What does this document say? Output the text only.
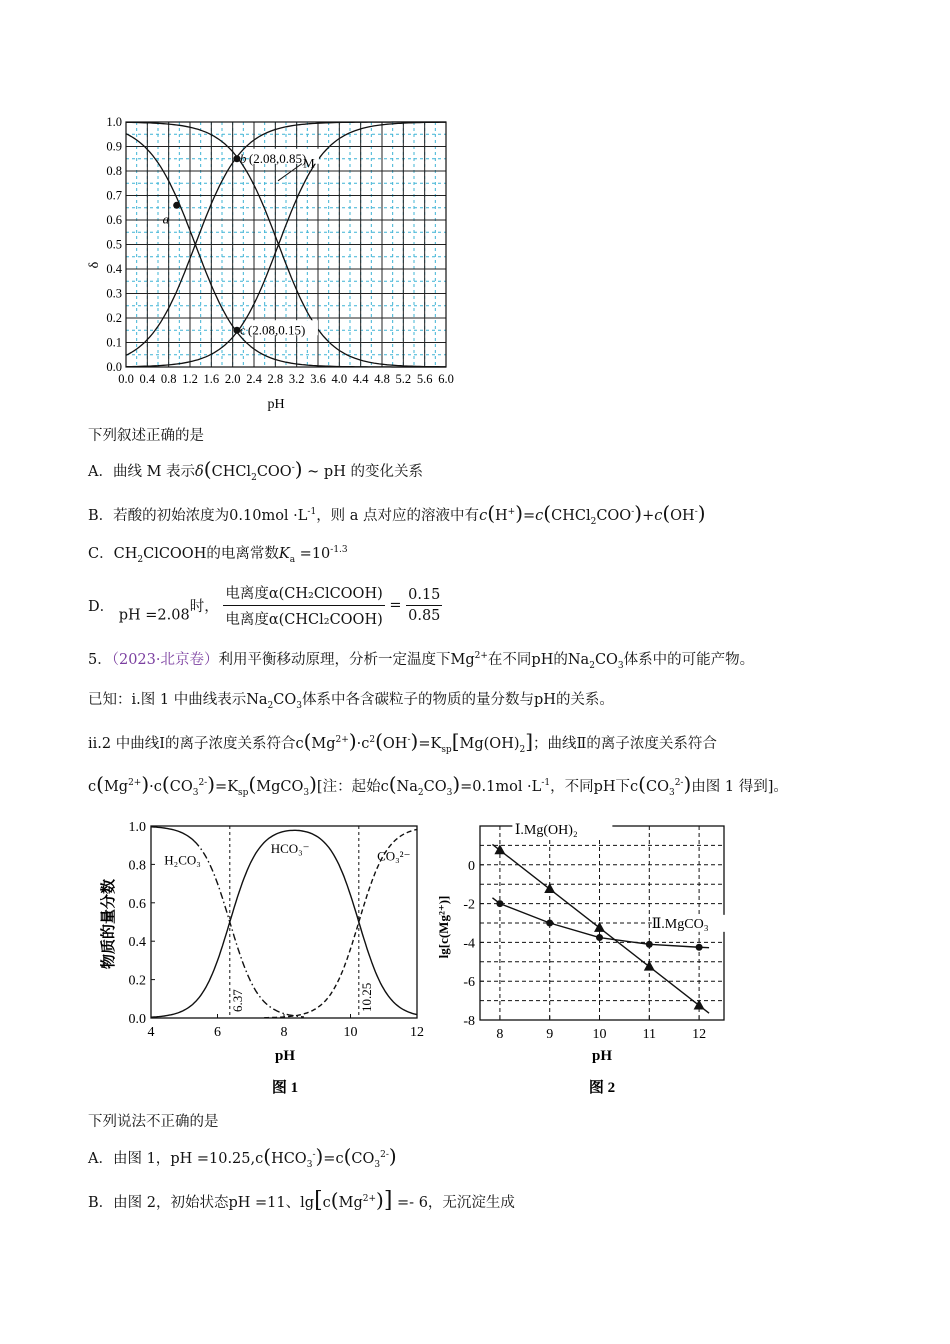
0.0 0.4 0.8 1.2 1.6 2.0 2.4 2.8 3.2 3.6 4.0 4.4 4.8 5.2 5.6 6.0
0.0
0.1
0.2
0.3
0.4
0.5
0.6
0.7
0.8
0.9
1.0
a
b (2.08,0.85)
c (2.08,0.15)
M
δ
pH
下列叙述正确的是
A．曲线 M 表示δ(CHCl$_2$COO-) ~ pH 的变化关系
B．若酸的初始浓度为$0.10mol \cdot L^{-1}$，则 a 点对应的溶液中有c(H+)=c(CHCl$_2$COO-)+c(OH-)
C．$CH_2ClCOOH$的电离常数$K_a =10^{-1.3}$
D． pH =2.08时， $\frac{\text{电离度α(CH₂ClCOOH)}}{\text{电离度α(CHCl₂COOH)}} = \frac{0.15}{0.85}$
5．（2023·北京卷）利用平衡移动原理，分析一定温度下$Mg^{2+}$在不同pH的$Na_2CO_3$体系中的可能产物。
已知：i.图 1 中曲线表示$Na_2CO_3$体系中各含碳粒子的物质的量分数与pH的关系。
ii.2 中曲线Ⅰ的离子浓度关系符合$c(Mg^{2+})\cdot c^2(OH^-)=K_{sp}[Mg(OH)_2]$；曲线Ⅱ的离子浓度关系符合
$c(Mg^{2+})\cdot c(CO_3^{2-})=K_{sp}(MgCO_3)$[注：起始$c(Na_2CO_3)=0.1mol \cdot L^{-1}$，不同pH下$c(CO_3^{2-})$由图 1 得到]。
6.37	10.25
4	6	8	10	12
0.0
0.2
0.4
0.6
0.8
1.0
H₂CO₃
HCO₃⁻
CO₃²⁻
物质的量分数
pH
图 1
Ⅰ.Mg(OH)₂
Ⅱ.MgCO₃
8	9	10	11	12
0
-2
-4
-6
-8
lg[c(Mg²⁺)]
pH
图 2
下列说法不正确的是
A．由图 1，pH $=10.25,c(HCO_3^-)=c(CO_3^{2-})$
B．由图 2，初始状态pH =11、$\lg[c(Mg^{2+})] =- 6$，无沉淀生成
